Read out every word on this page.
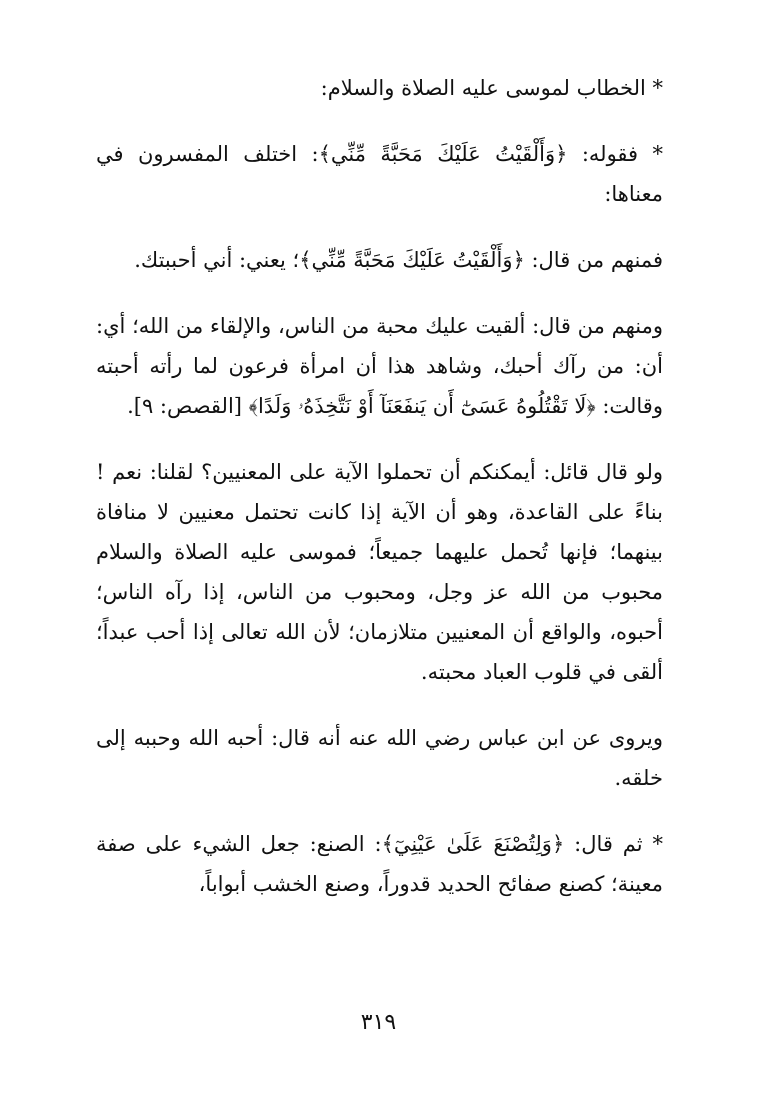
* الخطاب لموسى عليه الصلاة والسلام:

* فقوله: ﴿وَأَلْقَيْتُ عَلَيْكَ مَحَبَّةً مِّنِّي﴾: اختلف المفسرون في معناها:

فمنهم من قال: ﴿وَأَلْقَيْتُ عَلَيْكَ مَحَبَّةً مِّنِّي﴾؛ يعني: أني أحببتك.

ومنهم من قال: ألقيت عليك محبة من الناس، والإلقاء من الله؛ أي: أن: من رآك أحبك، وشاهد هذا أن امرأة فرعون لما رأته أحبته وقالت: ﴿لَا تَقْتُلُوهُ عَسَىٰٓ أَن يَنفَعَنَآ أَوْ نَتَّخِذَهُۥ وَلَدًا﴾ [القصص: ٩].

ولو قال قائل: أيمكنكم أن تحملوا الآية على المعنيين؟ لقلنا: نعم ! بناءً على القاعدة، وهو أن الآية إذا كانت تحتمل معنيين لا منافاة بينهما؛ فإنها تُحمل عليهما جميعاً؛ فموسى عليه الصلاة والسلام محبوب من الله عز وجل، ومحبوب من الناس، إذا رآه الناس؛ أحبوه، والواقع أن المعنيين متلازمان؛ لأن الله تعالى إذا أحب عبداً؛ ألقى في قلوب العباد محبته.

ويروى عن ابن عباس رضي الله عنه أنه قال: أحبه الله وحببه إلى خلقه.

* ثم قال: ﴿وَلِتُصْنَعَ عَلَىٰ عَيْنِيٓ﴾: الصنع: جعل الشيء على صفة معينة؛ كصنع صفائح الحديد قدوراً، وصنع الخشب أبواباً،

٣١٩
